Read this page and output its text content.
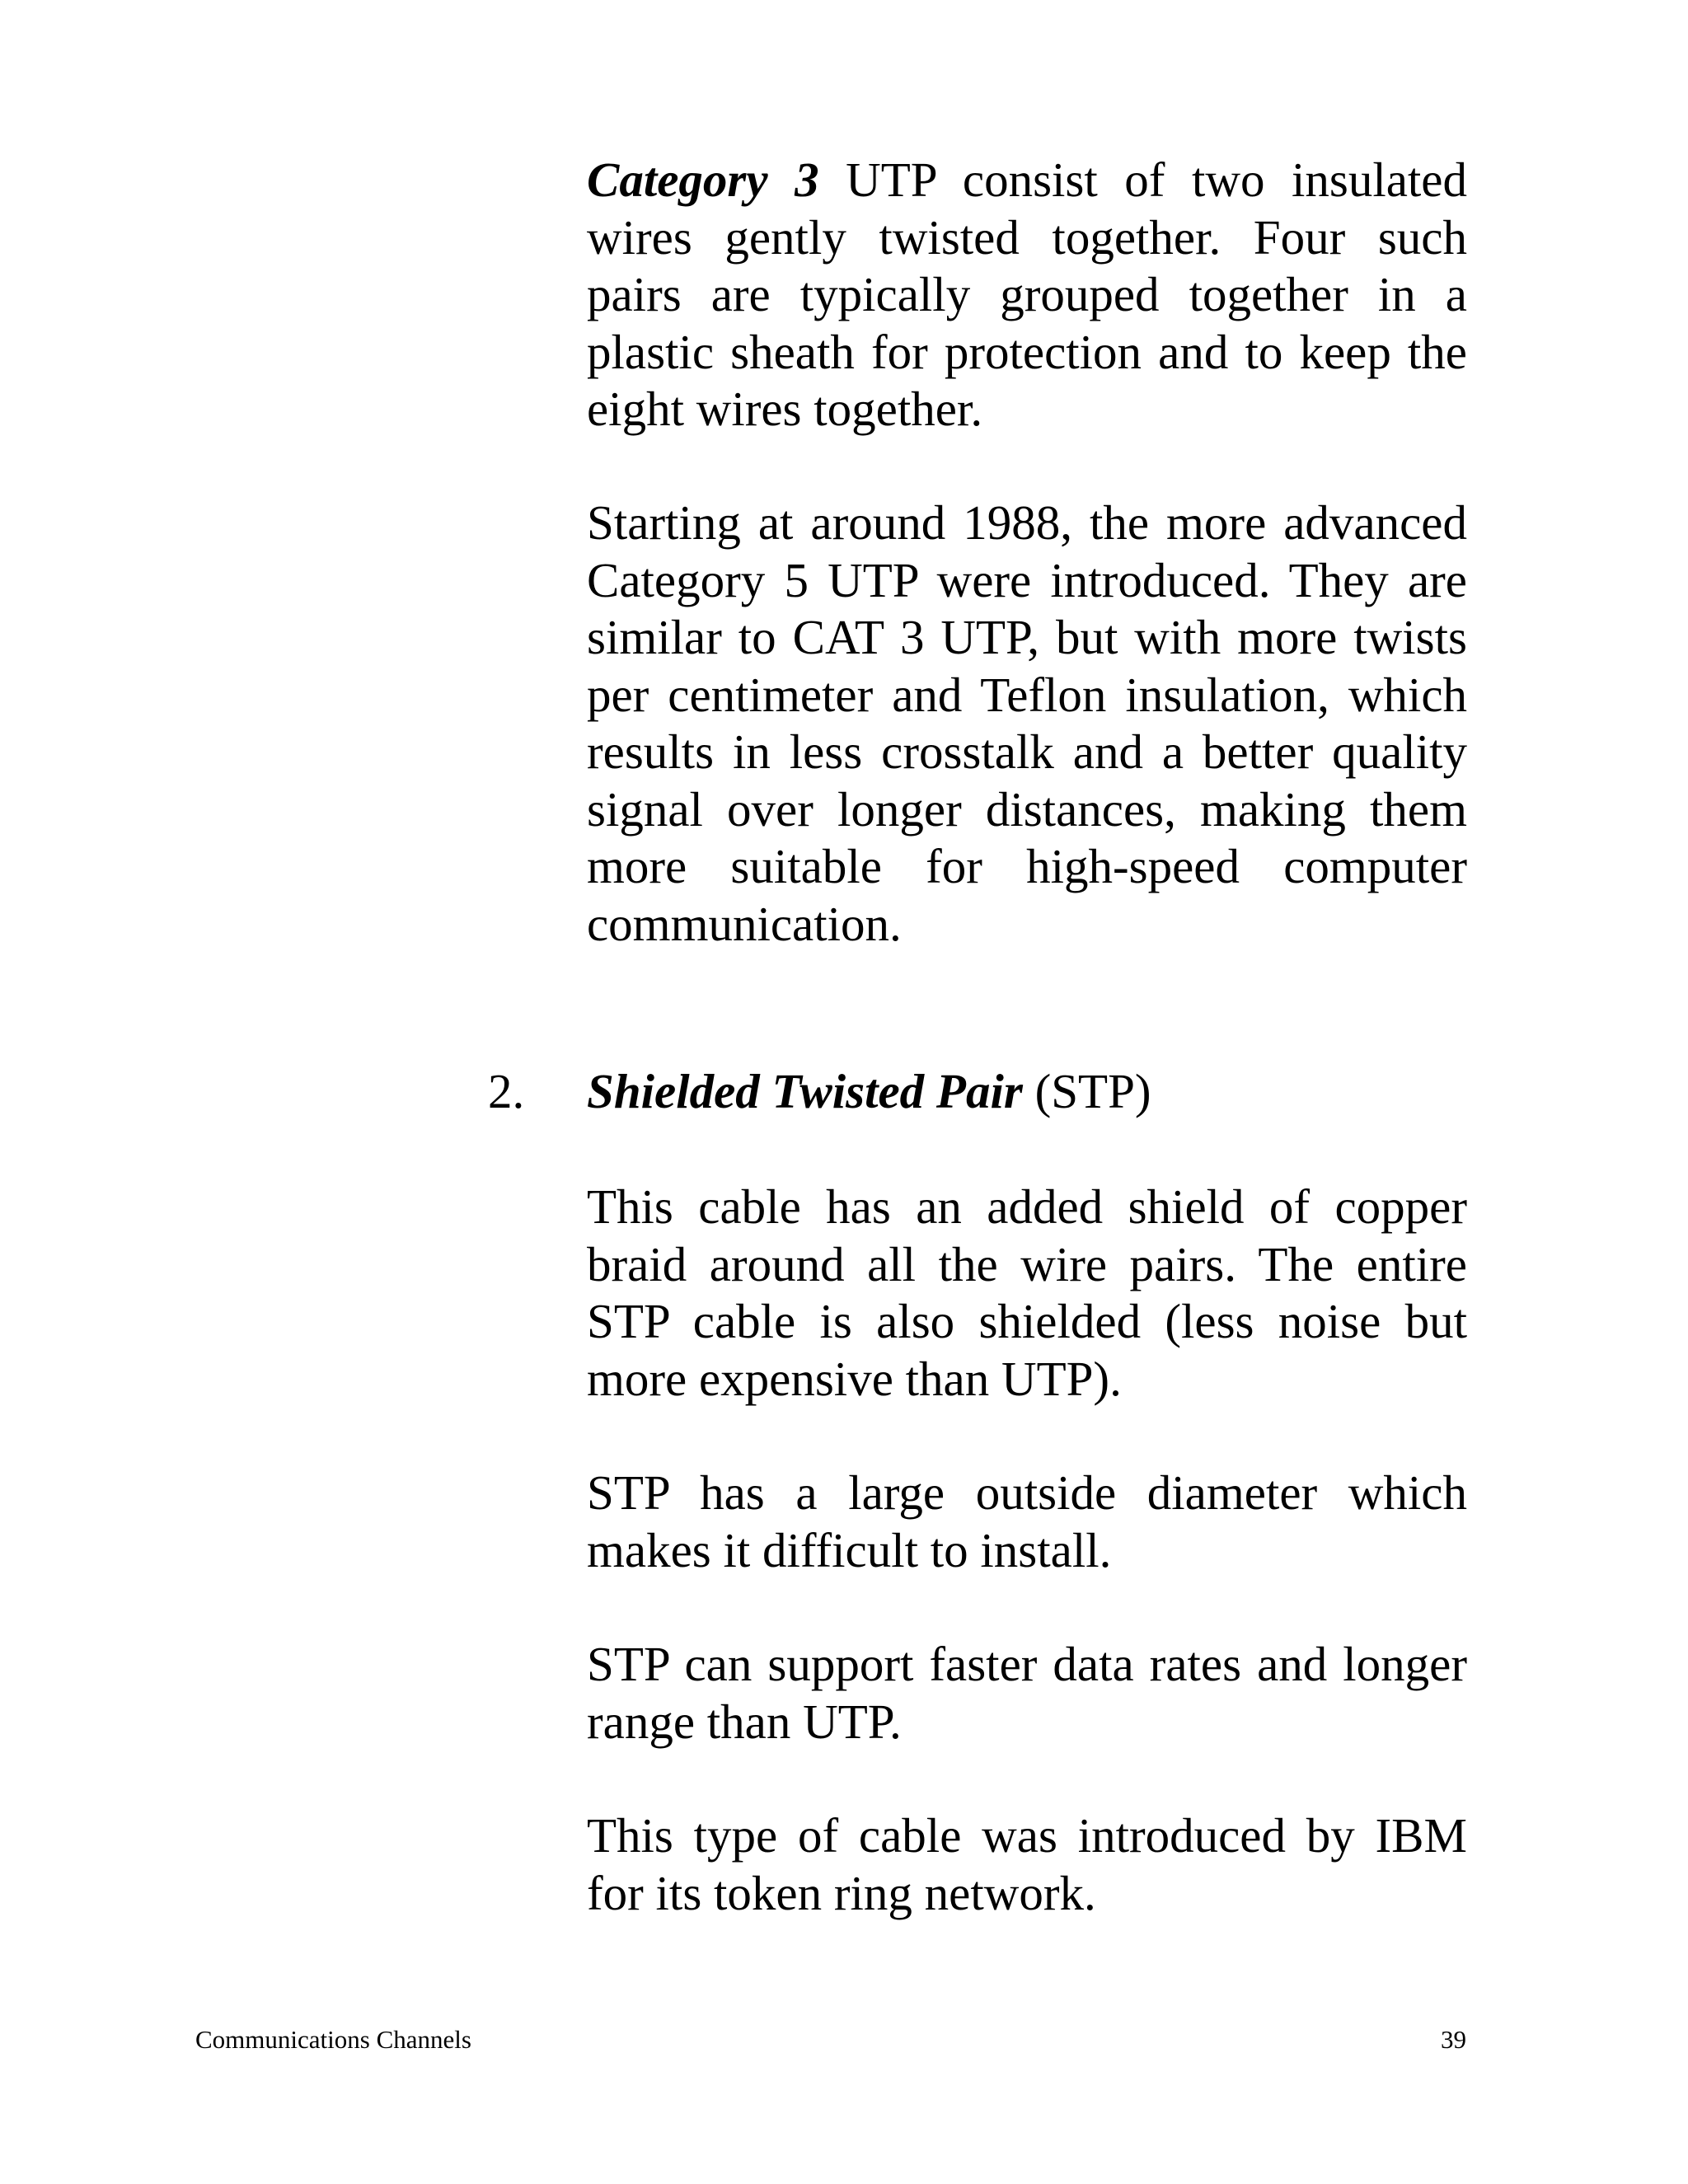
Category 3 UTP consist of two insulated wires gently twisted together. Four such pairs are typically grouped together in a plastic sheath for protection and to keep the eight wires together.

Starting at around 1988, the more advanced Category 5 UTP were introduced. They are similar to CAT 3 UTP, but with more twists per centimeter and Teflon insulation, which results in less crosstalk and a better quality signal over longer distances, making them more suitable for high-speed computer communication.

2. Shielded Twisted Pair (STP)

This cable has an added shield of copper braid around all the wire pairs. The entire STP cable is also shielded (less noise but more expensive than UTP).

STP has a large outside diameter which makes it difficult to install.

STP can support faster data rates and longer range than UTP.

This type of cable was introduced by IBM for its token ring network.

Communications Channels	39
